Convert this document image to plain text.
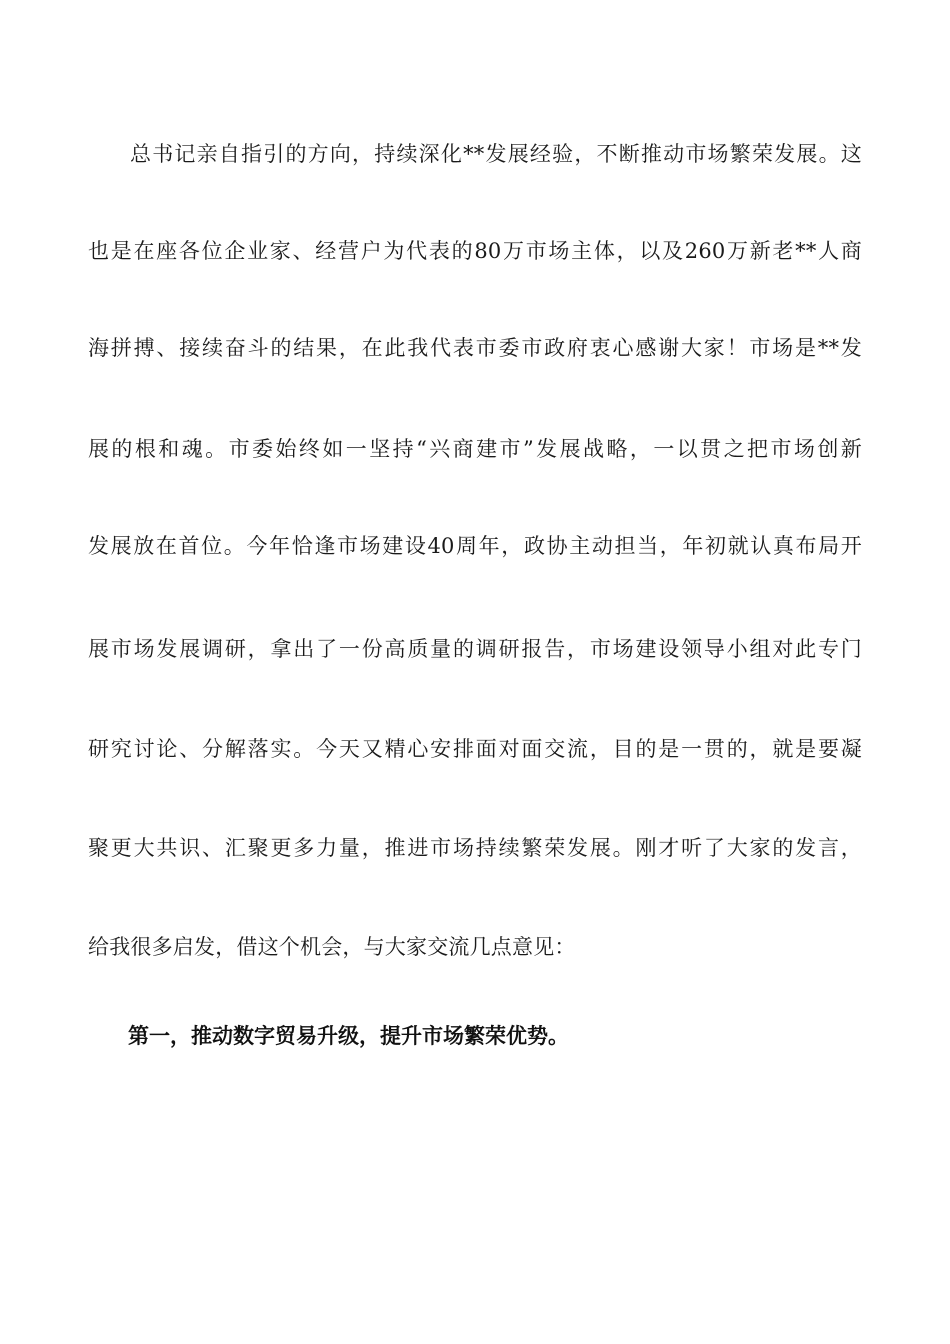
总书记亲自指引的方向，持续深化**发展经验，不断推动市场繁荣发展。这
也是在座各位企业家、经营户为代表的80万市场主体，以及260万新老**人商
海拼搏、接续奋斗的结果，在此我代表市委市政府衷心感谢大家！市场是**发
展的根和魂。市委始终如一坚持“兴商建市”发展战略，一以贯之把市场创新
发展放在首位。今年恰逢市场建设40周年，政协主动担当，年初就认真布局开
展市场发展调研，拿出了一份高质量的调研报告，市场建设领导小组对此专门
研究讨论、分解落实。今天又精心安排面对面交流，目的是一贯的，就是要凝
聚更大共识、汇聚更多力量，推进市场持续繁荣发展。刚才听了大家的发言，
给我很多启发，借这个机会，与大家交流几点意见：
第一，推动数字贸易升级，提升市场繁荣优势。
